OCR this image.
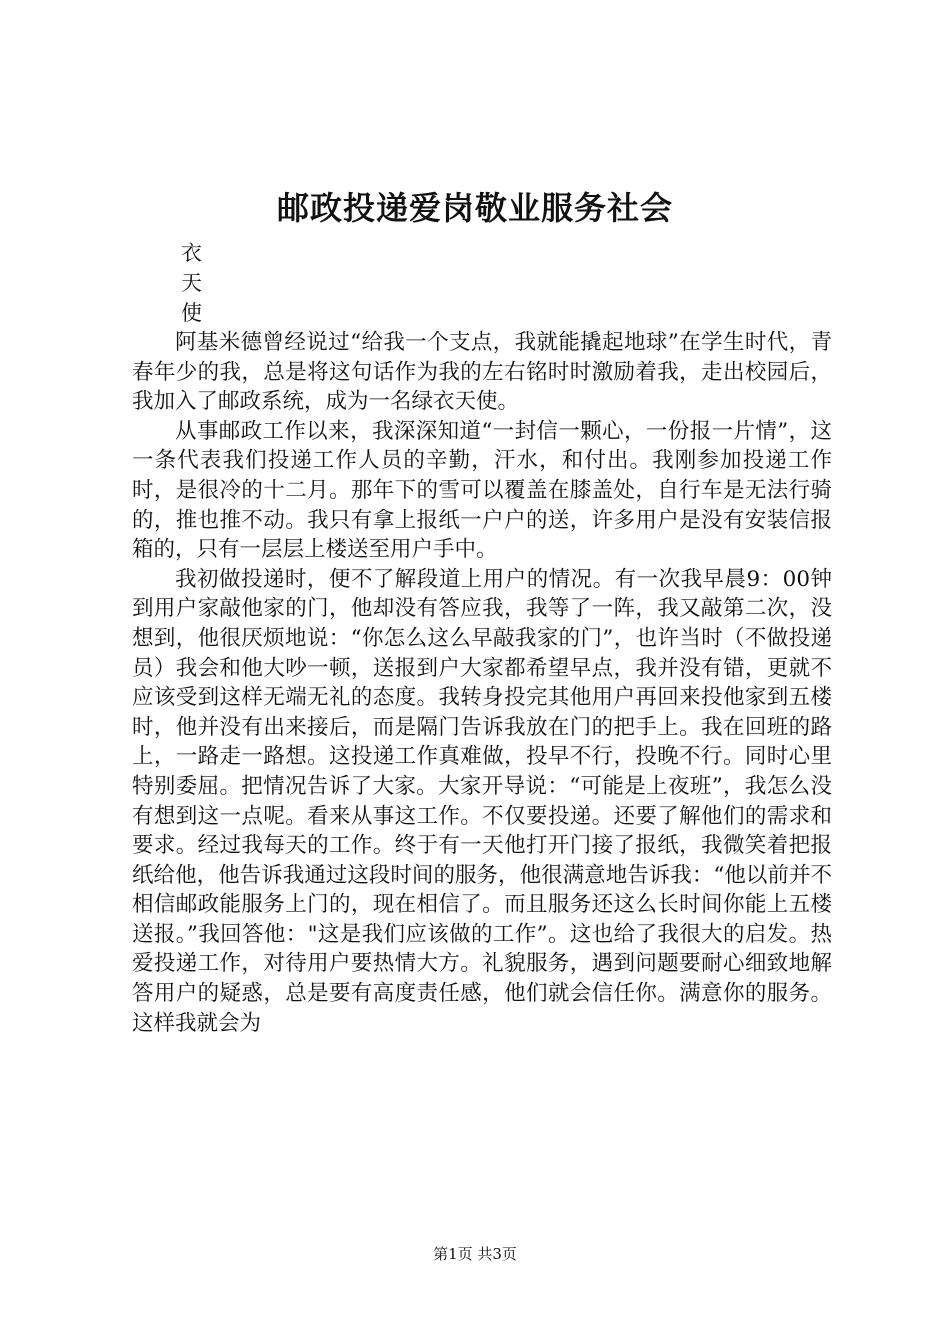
邮政投递爱岗敬业服务社会
衣
天
使

阿基米德曾经说过“给我一个支点，我就能撬起地球”在学生时代，青春年少的我，总是将这句话作为我的左右铭时时激励着我，走出校园后，我加入了邮政系统，成为一名绿衣天使。

从事邮政工作以来，我深深知道“一封信一颗心，一份报一片情”，这一条代表我们投递工作人员的辛勤，汗水，和付出。我刚参加投递工作时，是很冷的十二月。那年下的雪可以覆盖在膝盖处，自行车是无法行骑的，推也推不动。我只有拿上报纸一户户的送，许多用户是没有安装信报箱的，只有一层层上楼送至用户手中。

我初做投递时，便不了解段道上用户的情况。有一次我早晨9：00钟到用户家敲他家的门，他却没有答应我，我等了一阵，我又敲第二次，没想到，他很厌烦地说：“你怎么这么早敲我家的门”，也许当时（不做投递员）我会和他大吵一顿，送报到户大家都希望早点，我并没有错，更就不应该受到这样无端无礼的态度。我转身投完其他用户再回来投他家到五楼时，他并没有出来接后，而是隔门告诉我放在门的把手上。我在回班的路上，一路走一路想。这投递工作真难做，投早不行，投晚不行。同时心里特别委屈。把情况告诉了大家。大家开导说：“可能是上夜班”，我怎么没有想到这一点呢。看来从事这工作。不仅要投递。还要了解他们的需求和要求。经过我每天的工作。终于有一天他打开门接了报纸，我微笑着把报纸给他，他告诉我通过这段时间的服务，他很满意地告诉我：“他以前并不相信邮政能服务上门的，现在相信了。而且服务还这么长时间你能上五楼送报。”我回答他："这是我们应该做的工作”。这也给了我很大的启发。热爱投递工作，对待用户要热情大方。礼貌服务，遇到问题要耐心细致地解答用户的疑惑，总是要有高度责任感，他们就会信任你。满意你的服务。这样我就会为

第1页 共3页
